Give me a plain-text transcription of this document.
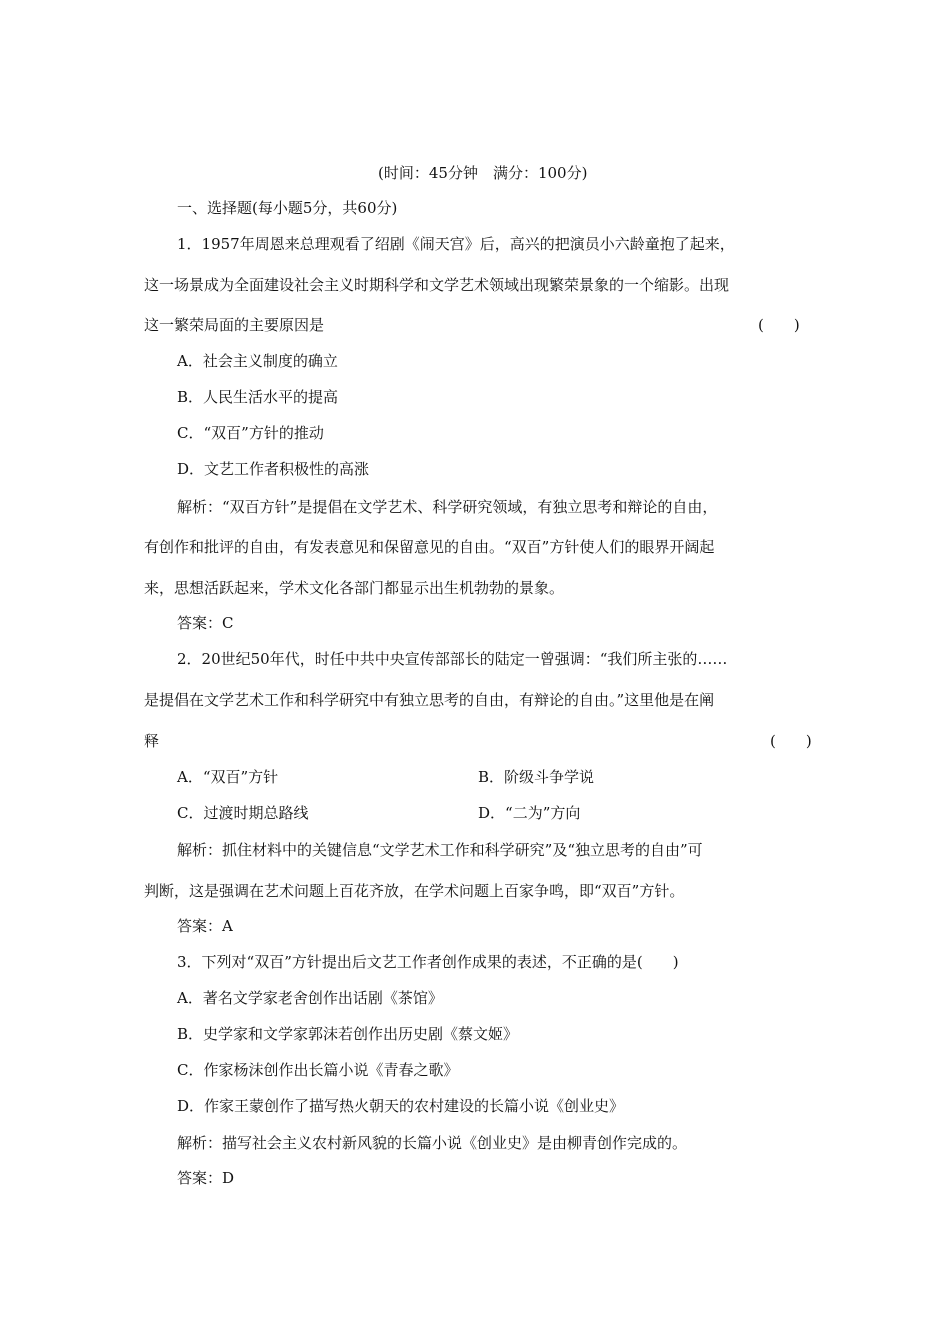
(时间：45分钟　满分：100分)
一、选择题(每小题5分，共60分)
1．1957年周恩来总理观看了绍剧《闹天宫》后，高兴的把演员小六龄童抱了起来，
这一场景成为全面建设社会主义时期科学和文学艺术领域出现繁荣景象的一个缩影。出现
这一繁荣局面的主要原因是	(　　)
A．社会主义制度的确立
B．人民生活水平的提高
C．“双百”方针的推动
D．文艺工作者积极性的高涨
解析：“双百方针”是提倡在文学艺术、科学研究领域，有独立思考和辩论的自由，
有创作和批评的自由，有发表意见和保留意见的自由。“双百”方针使人们的眼界开阔起
来，思想活跃起来，学术文化各部门都显示出生机勃勃的景象。
答案：C
2．20世纪50年代，时任中共中央宣传部部长的陆定一曾强调：“我们所主张的……
是提倡在文学艺术工作和科学研究中有独立思考的自由，有辩论的自由。”这里他是在阐
释	(　　)
A．“双百”方针	B．阶级斗争学说
C．过渡时期总路线	D．“二为”方向
解析：抓住材料中的关键信息“文学艺术工作和科学研究”及“独立思考的自由”可
判断，这是强调在艺术问题上百花齐放，在学术问题上百家争鸣，即“双百”方针。
答案：A
3．下列对“双百”方针提出后文艺工作者创作成果的表述，不正确的是(　　)
A．著名文学家老舍创作出话剧《茶馆》
B．史学家和文学家郭沫若创作出历史剧《蔡文姬》
C．作家杨沫创作出长篇小说《青春之歌》
D．作家王蒙创作了描写热火朝天的农村建设的长篇小说《创业史》
解析：描写社会主义农村新风貌的长篇小说《创业史》是由柳青创作完成的。
答案：D
